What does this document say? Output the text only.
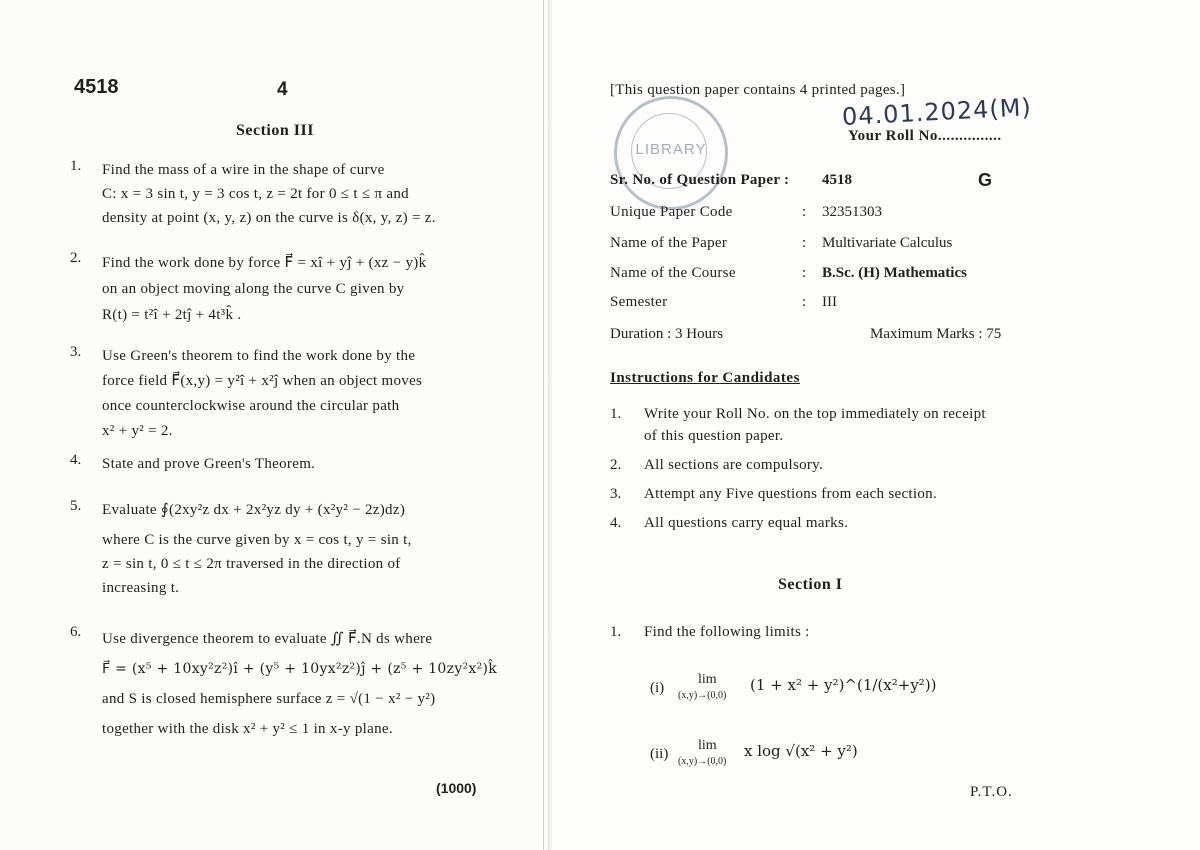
4518	4
Section III
1. Find the mass of a wire in the shape of curve
C: x = 3 sin t, y = 3 cos t, z = 2t for 0 ≤ t ≤ π and
density at point (x, y, z) on the curve is δ(x, y, z) = z.
2. Find the work done by force F⃗ = xî + yĵ + (xz − y)k̂
on an object moving along the curve C given by
R(t) = t²î + 2tĵ + 4t³k̂ .
3. Use Green's theorem to find the work done by the
force field F⃗(x,y) = y²î + x²ĵ when an object moves
once counterclockwise around the circular path
x² + y² = 2.
4. State and prove Green's Theorem.
5. Evaluate ∮(2xy²z dx + 2x²yz dy + (x²y² − 2z)dz)
where C is the curve given by x = cos t, y = sin t,
z = sin t, 0 ≤ t ≤ 2π traversed in the direction of
increasing t.
6. Use divergence theorem to evaluate ∬ F⃗.N ds where
F⃗ = (x⁵ + 10xy²z²)î + (y⁵ + 10yx²z²)ĵ + (z⁵ + 10zy²x²)k̂
and S is closed hemisphere surface z = √(1 − x² − y²)
together with the disk x² + y² ≤ 1 in x-y plane.
(1000)
[This question paper contains 4 printed pages.]
LIBRARY
04.01.2024(M)
Your Roll No...............
Sr. No. of Question Paper : 4518	G
Unique Paper Code	: 32351303
Name of the Paper	: Multivariate Calculus
Name of the Course	: B.Sc. (H) Mathematics
Semester	: III
Duration : 3 Hours	Maximum Marks : 75
Instructions for Candidates
1. Write your Roll No. on the top immediately on receipt
of this question paper.
2. All sections are compulsory.
3. Attempt any Five questions from each section.
4. All questions carry equal marks.
Section I
1. Find the following limits :
(i)
lim
(x,y)→(0,0)
(1 + x² + y²)^(1/(x²+y²))
(ii)
lim
(x,y)→(0,0)
x log √(x² + y²)
P.T.O.
